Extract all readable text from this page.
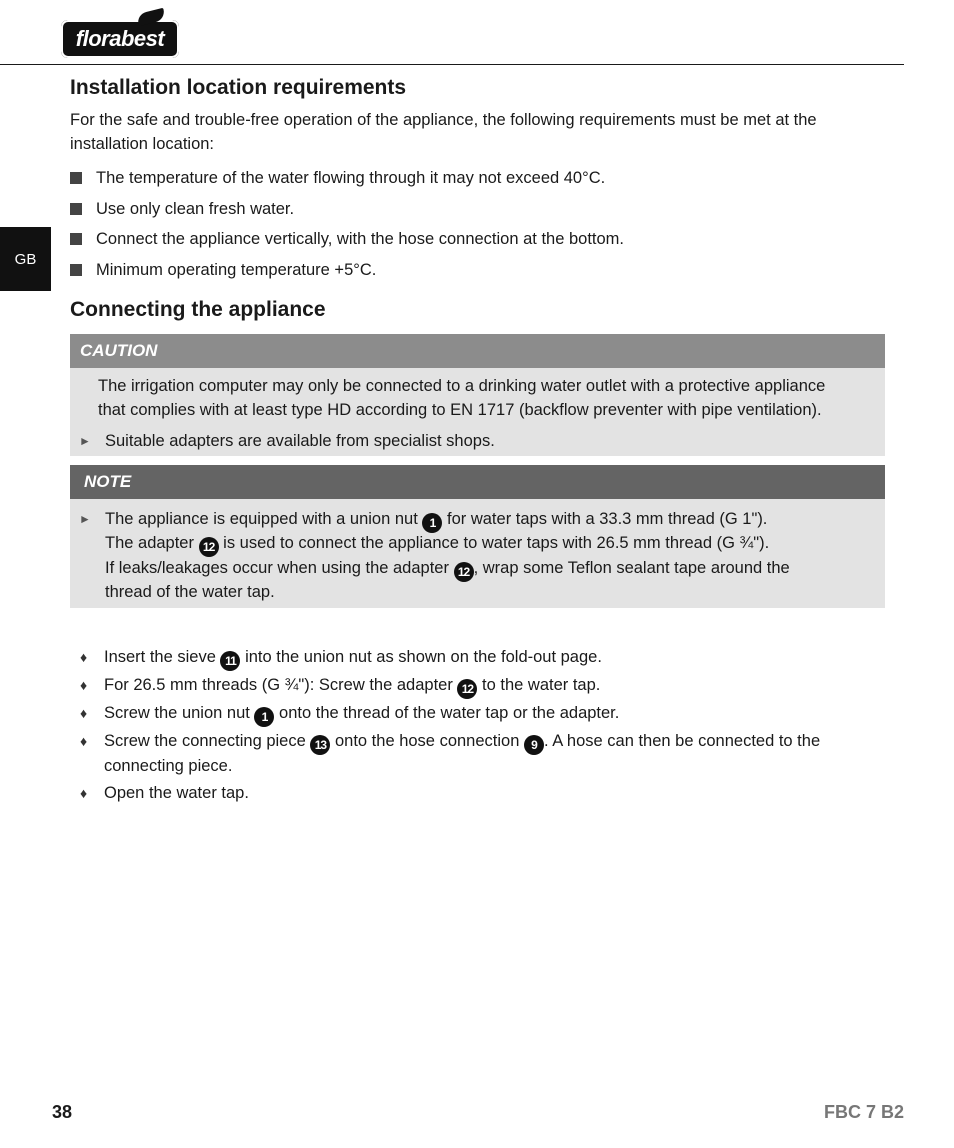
florabest
GB
Installation location requirements
For the safe and trouble-free operation of the appliance, the following requirements must be met at the
installation location:
The temperature of the water flowing through it may not exceed 40°C.
Use only clean fresh water.
Connect the appliance vertically, with the hose connection at the bottom.
Minimum operating temperature +5°C.
Connecting the appliance
CAUTION
The irrigation computer may only be connected to a drinking water outlet with a protective appliance
that complies with at least type HD according to EN 1717 (backflow preventer with pipe ventilation).
► Suitable adapters are available from specialist shops.
NOTE
► The appliance is equipped with a union nut 1 for water taps with a 33.3 mm thread (G 1").
The adapter 12 is used to connect the appliance to water taps with 26.5 mm thread (G ¾").
If leaks/leakages occur when using the adapter 12 , wrap some Teflon sealant tape around the
thread of the water tap.
♦ Insert the sieve 11 into the union nut as shown on the fold-out page.
♦ For 26.5 mm threads (G ¾"): Screw the adapter 12 to the water tap.
♦ Screw the union nut 1 onto the thread of the water tap or the adapter.
♦ Screw the connecting piece 13 onto the hose connection 9 . A hose can then be connected to the
connecting piece.
♦ Open the water tap.
38	FBC 7 B2
